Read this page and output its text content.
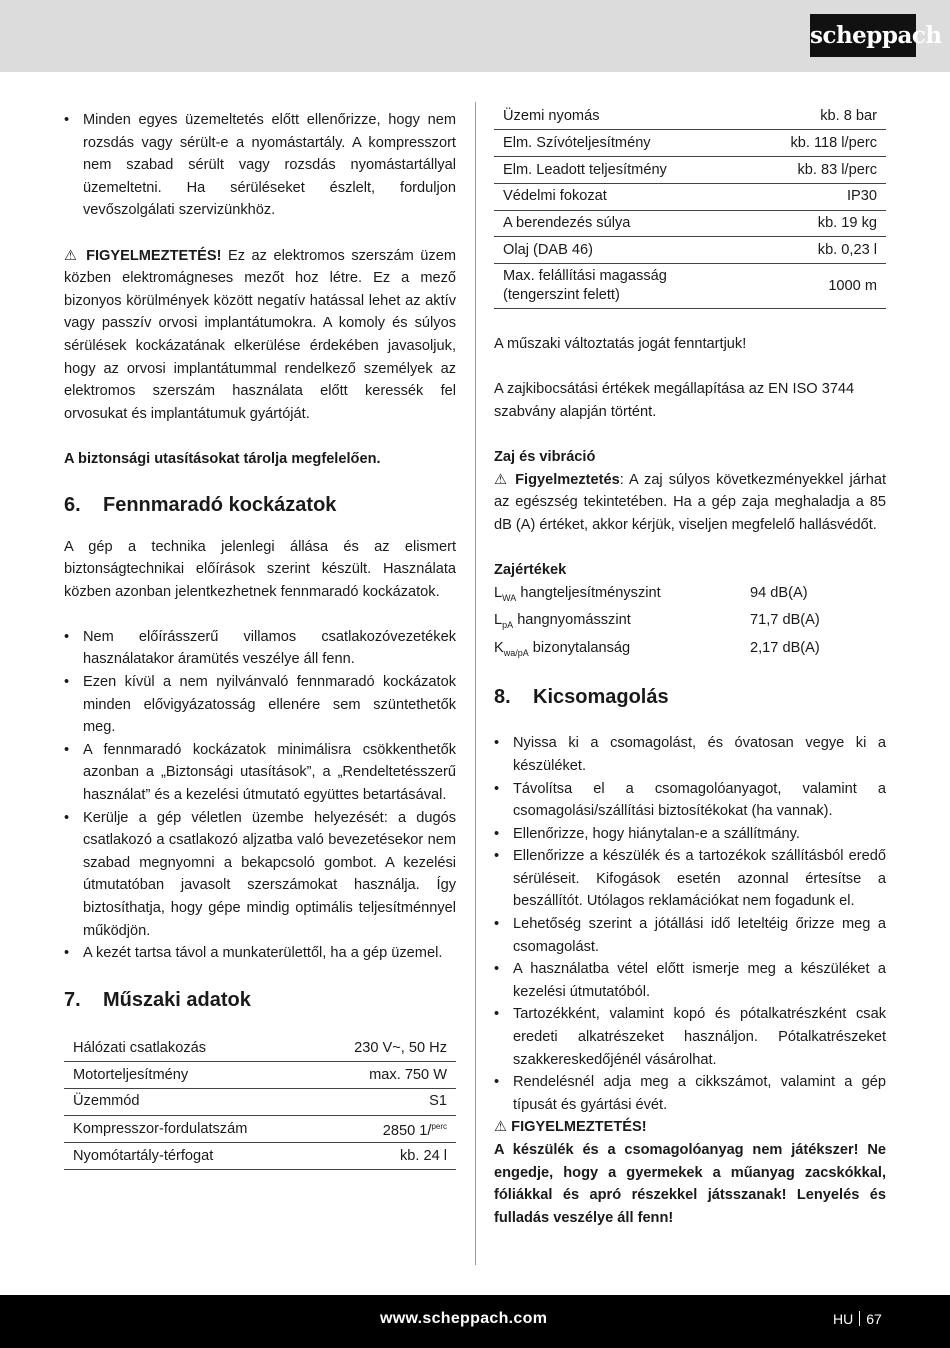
scheppach
• Minden egyes üzemeltetés előtt ellenőrizze, hogy nem rozsdás vagy sérült-e a nyomástartály. A kompresszort nem szabad sérült vagy rozsdás nyomástartállyal üzemeltetni. Ha sérüléseket észlelt, forduljon vevőszolgálati szervizünkhöz.

⚠ FIGYELMEZTETÉS! Ez az elektromos szerszám üzem közben elektromágneses mezőt hoz létre. Ez a mező bizonyos körülmények között negatív hatással lehet az aktív vagy passzív orvosi implantátumokra. A komoly és súlyos sérülések kockázatának elkerülése érdekében javasoljuk, hogy az orvosi implantátummal rendelkező személyek az elektromos szerszám használata előtt keressék fel orvosukat és implantátumuk gyártóját.

A biztonsági utasításokat tárolja megfelelően.

6.	Fennmaradó kockázatok

A gép a technika jelenlegi állása és az elismert biztonságtechnikai előírások szerint készült. Használata közben azonban jelentkezhetnek fennmaradó kockázatok.

• Nem előírásszerű villamos csatlakozóvezetékek használatakor áramütés veszélye áll fenn.
• Ezen kívül a nem nyilvánvaló fennmaradó kockázatok minden elővigyázatosság ellenére sem szüntethetők meg.
• A fennmaradó kockázatok minimálisra csökkenthetők azonban a „Biztonsági utasítások”, a „Rendeltetésszerű használat” és a kezelési útmutató együttes betartásával.
• Kerülje a gép véletlen üzembe helyezését: a dugós csatlakozó a csatlakozó aljzatba való bevezetésekor nem szabad megnyomni a bekapcsoló gombot. A kezelési útmutatóban javasolt szerszámokat használja. Így biztosíthatja, hogy gépe mindig optimális teljesítménnyel működjön.
• A kezét tartsa távol a munkaterülettől, ha a gép üzemel.
7.	Műszaki adatok
Hálózati csatlakozás	230 V~, 50 Hz
Motorteljesítmény	max. 750 W
Üzemmód	S1
Kompresszor-fordulatszám	2850 1/$^{perc}$
Nyomótartály-térfogat	kb. 24 l
Üzemi nyomás	kb. 8 bar
Elm. Szívóteljesítmény	kb. 118 l/perc
Elm. Leadott teljesítmény	kb. 83 l/perc
Védelmi fokozat	IP30
A berendezés súlya	kb. 19 kg
Olaj (DAB 46)	kb. 0,23 l
Max. felállítási magasság (tengerszint felett)	1000 m

A műszaki változtatás jogát fenntartjuk!

A zajkibocsátási értékek megállapítása az EN ISO 3744 szabvány alapján történt.

Zaj és vibráció

⚠ Figyelmeztetés: A zaj súlyos következményekkel járhat az egészség tekintetében. Ha a gép zaja meghaladja a 85 dB (A) értéket, akkor kérjük, viseljen megfelelő hallásvédőt.

Zajértékek

$L_{WA}$ hangteljesítményszint	94 dB(A)
$L_{pA}$ hangnyomásszint	71,7 dB(A)
$K_{wa/pA}$ bizonytalanság	2,17 dB(A)
8.	Kicsomagolás
• Nyissa ki a csomagolást, és óvatosan vegye ki a készüléket.
• Távolítsa el a csomagolóanyagot, valamint a csomagolási/szállítási biztosítékokat (ha vannak).
• Ellenőrizze, hogy hiánytalan-e a szállítmány.
• Ellenőrizze a készülék és a tartozékok szállításból eredő sérüléseit. Kifogások esetén azonnal értesítse a beszállítót. Utólagos reklamációkat nem fogadunk el.
• Lehetőség szerint a jótállási idő leteltéig őrizze meg a csomagolást.
• A használatba vétel előtt ismerje meg a készüléket a kezelési útmutatóból.
• Tartozékként, valamint kopó és pótalkatrészként csak eredeti alkatrészeket használjon. Pótalkatrészeket szakkereskedőjénél vásárolhat.
• Rendelésnél adja meg a cikkszámot, valamint a gép típusát és gyártási évét.

⚠ FIGYELMEZTETÉS!

A készülék és a csomagolóanyag nem játékszer! Ne engedje, hogy a gyermekek a műanyag zacskókkal, fóliákkal és apró részekkel játsszanak! Lenyelés és fulladás veszélye áll fenn!

www.scheppach.com	HU 67
